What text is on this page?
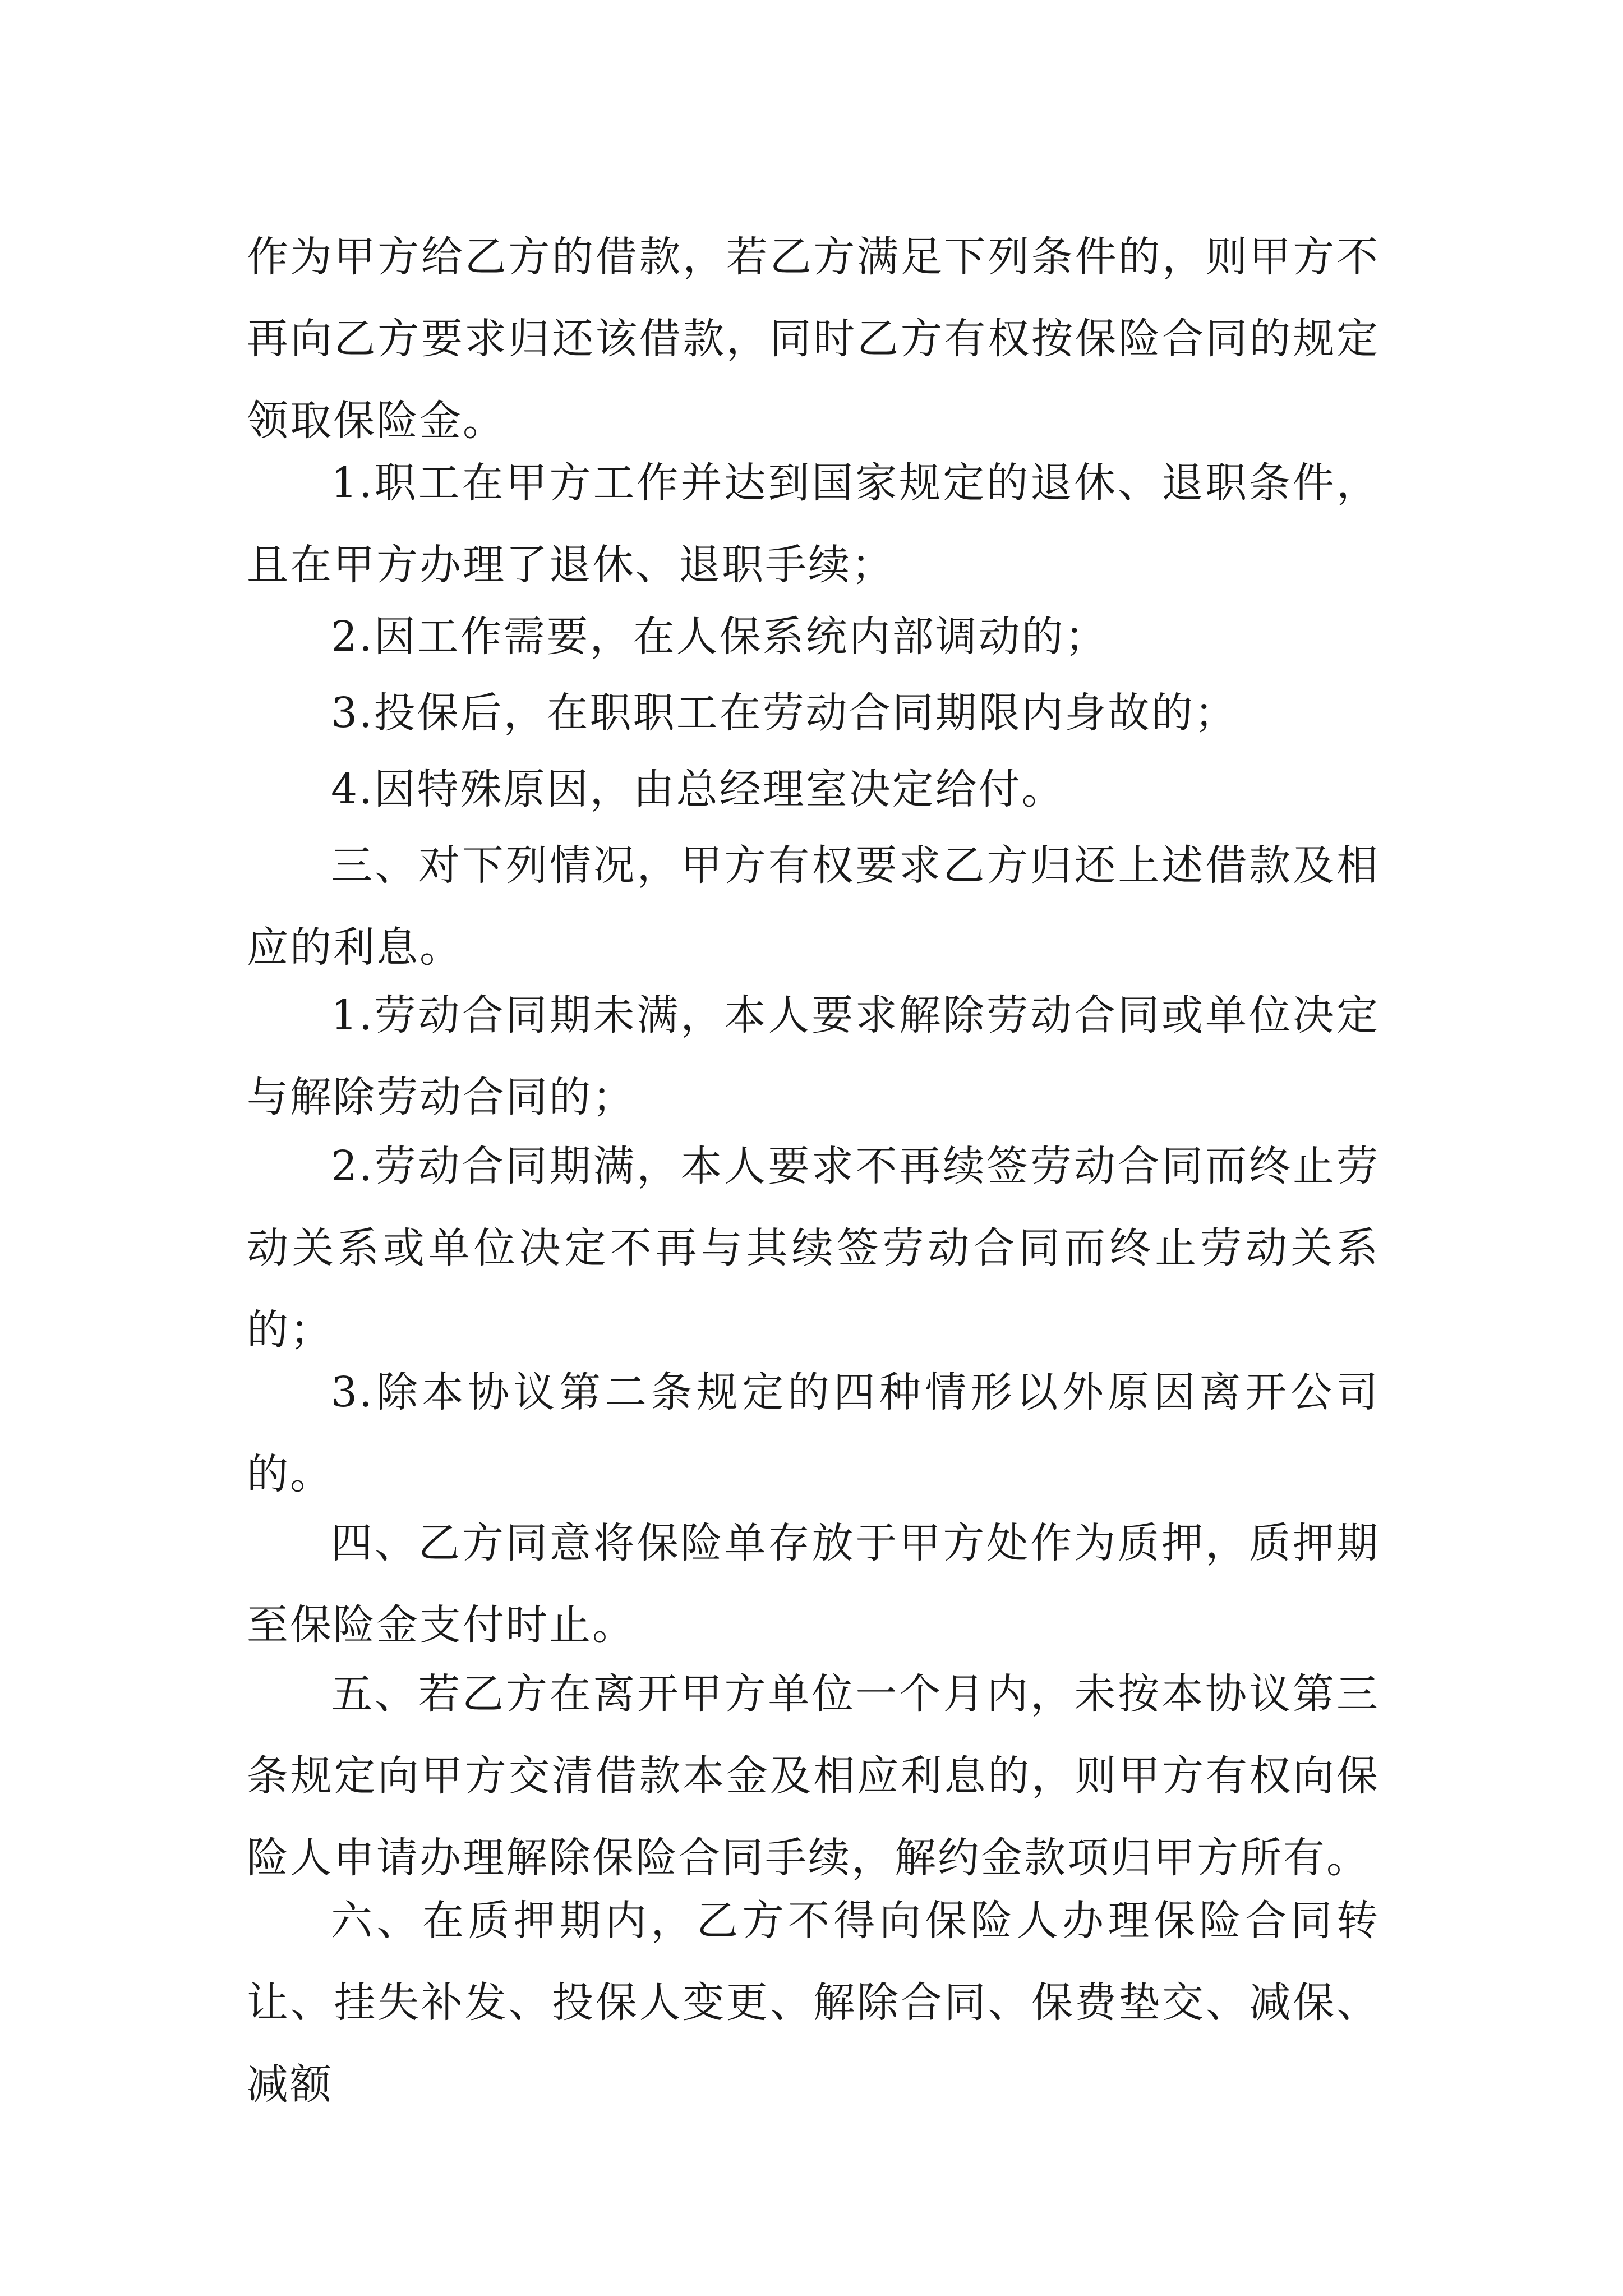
作为甲方给乙方的借款，若乙方满足下列条件的，则甲方不再向乙方要求归还该借款，同时乙方有权按保险合同的规定领取保险金。

1.职工在甲方工作并达到国家规定的退休、退职条件，且在甲方办理了退休、退职手续；

2.因工作需要，在人保系统内部调动的；

3.投保后，在职职工在劳动合同期限内身故的；

4.因特殊原因，由总经理室决定给付。

三、对下列情况，甲方有权要求乙方归还上述借款及相应的利息。

1.劳动合同期未满，本人要求解除劳动合同或单位决定与解除劳动合同的；

2.劳动合同期满，本人要求不再续签劳动合同而终止劳动关系或单位决定不再与其续签劳动合同而终止劳动关系的；

3.除本协议第二条规定的四种情形以外原因离开公司的。

四、乙方同意将保险单存放于甲方处作为质押，质押期至保险金支付时止。

五、若乙方在离开甲方单位一个月内，未按本协议第三条规定向甲方交清借款本金及相应利息的，则甲方有权向保险人申请办理解除保险合同手续，解约金款项归甲方所有。

六、在质押期内，乙方不得向保险人办理保险合同转让、挂失补发、投保人变更、解除合同、保费垫交、减保、减额
